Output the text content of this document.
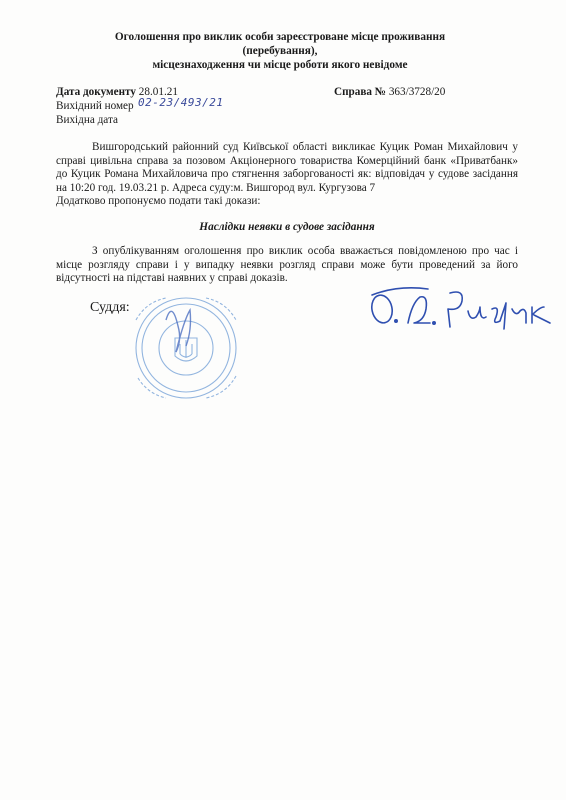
Оголошення про виклик особи зареєстроване місце проживання (перебування),
місцезнаходження чи місце роботи якого невідоме
Дата документу 28.01.21	Справа № 363/3728/20
Вихідний номер 02-23/493/21
Вихідна дата
Вишгородський районний суд Київської області викликає Куцик Роман Михайлович у справі цивільна справа за позовом Акціонерного товариства Комерційний банк «Приватбанк» до Куцик Романа Михайловича про стягнення заборгованості як: відповідач у судове засідання на 10:20 год. 19.03.21 р. Адреса суду:м. Вишгород вул. Кургузова 7
Додатково пропонуємо подати такі докази:
Наслідки неявки в судове засідання
З опублікуванням оголошення про виклик особа вважається повідомленою про час і місце розгляду справи і у випадку неявки розгляд справи може бути проведений за його відсутності на підставі наявних у справі доказів.
Суддя:
